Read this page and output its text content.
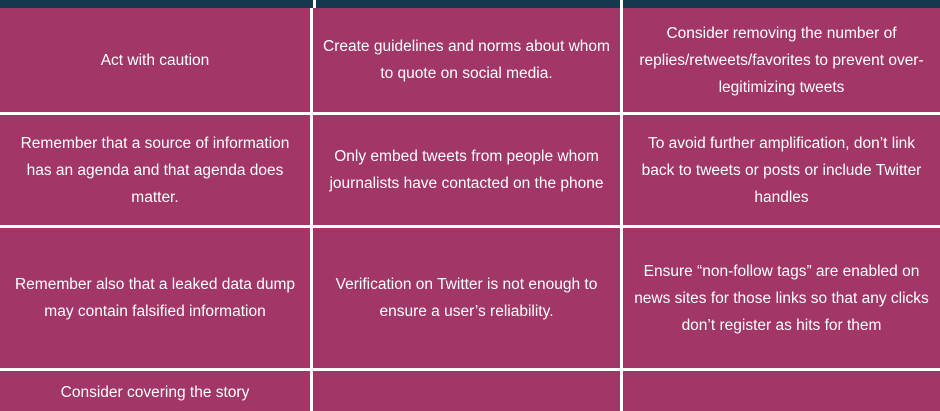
Act with caution
Create guidelines and norms about whom to quote on social media.
Consider removing the number of replies/retweets/favorites to prevent over-legitimizing tweets
Remember that a source of information has an agenda and that agenda does matter.
Only embed tweets from people whom journalists have contacted on the phone
To avoid further amplification, don’t link back to tweets or posts or include Twitter handles
Remember also that a leaked data dump may contain falsified information
Verification on Twitter is not enough to ensure a user’s reliability.
Ensure “non-follow tags” are enabled on news sites for those links so that any clicks don’t register as hits for them
Consider covering the story
